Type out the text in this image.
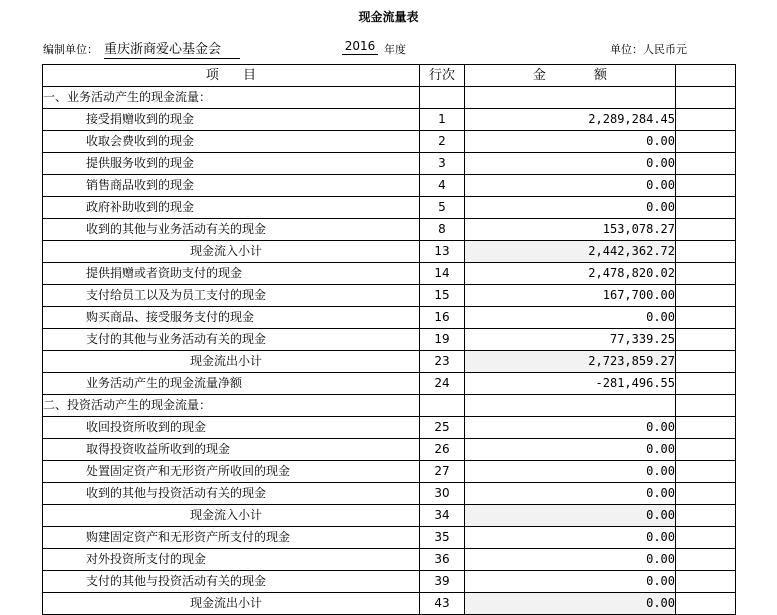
现金流量表
编制单位： 重庆浙商爱心基金会	2016 年度	单位：人民币元
项 目	行次	金 额	
一、业务活动产生的现金流量：			
接受捐赠收到的现金	1	2,289,284.45	
收取会费收到的现金	2	0.00	
提供服务收到的现金	3	0.00	
销售商品收到的现金	4	0.00	
政府补助收到的现金	5	0.00	
收到的其他与业务活动有关的现金	8	153,078.27	
现金流入小计	13	2,442,362.72	
提供捐赠或者资助支付的现金	14	2,478,820.02	
支付给员工以及为员工支付的现金	15	167,700.00	
购买商品、接受服务支付的现金	16	0.00	
支付的其他与业务活动有关的现金	19	77,339.25	
现金流出小计	23	2,723,859.27	
业务活动产生的现金流量净额	24	-281,496.55	
二、投资活动产生的现金流量：			
收回投资所收到的现金	25	0.00	
取得投资收益所收到的现金	26	0.00	
处置固定资产和无形资产所收回的现金	27	0.00	
收到的其他与投资活动有关的现金	30	0.00	
现金流入小计	34	0.00	
购建固定资产和无形资产所支付的现金	35	0.00	
对外投资所支付的现金	36	0.00	
支付的其他与投资活动有关的现金	39	0.00	
现金流出小计	43	0.00	
